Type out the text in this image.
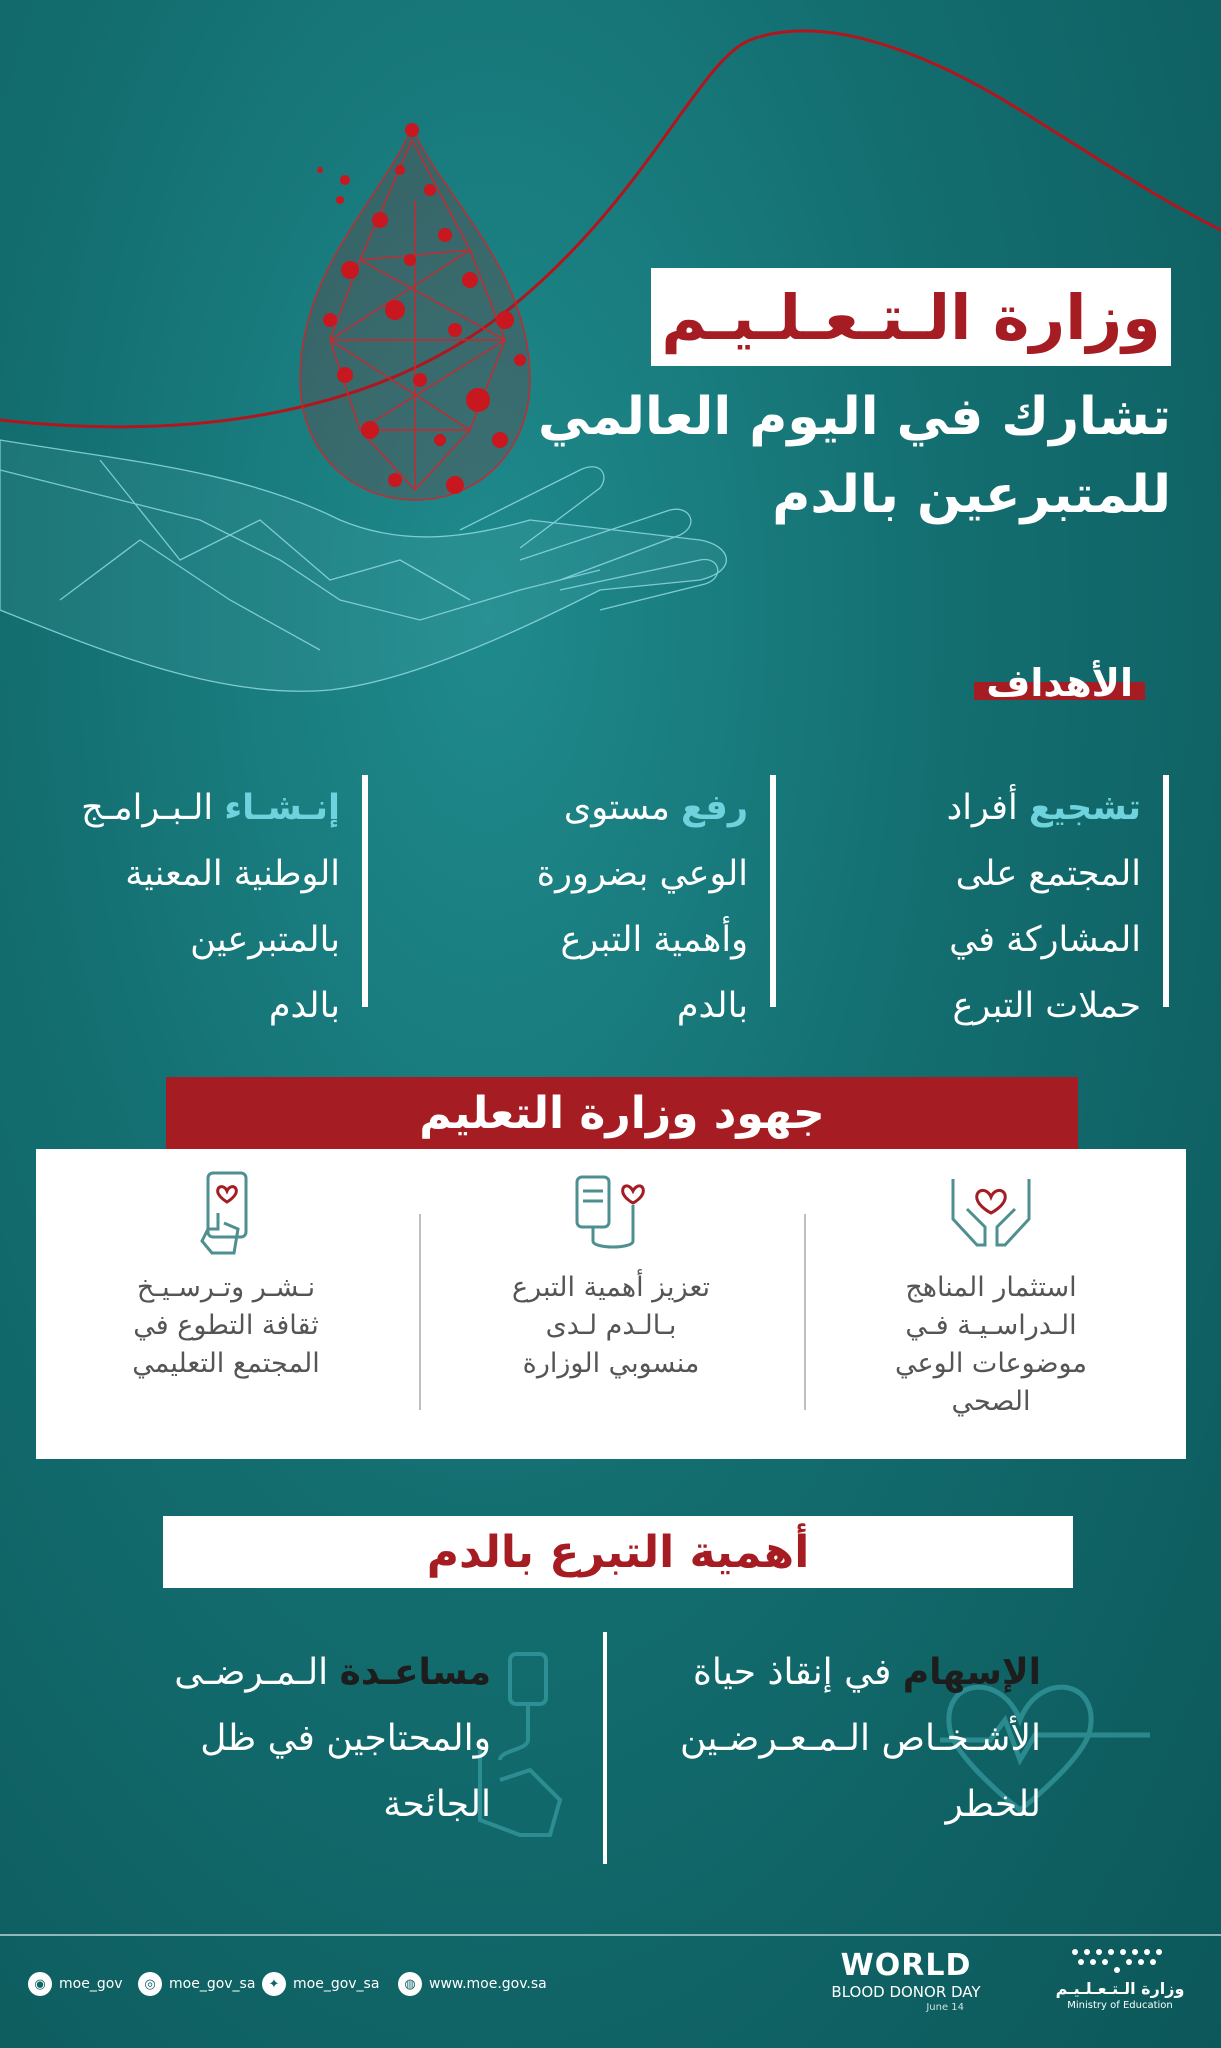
وزارة الـتـعـلـيـم
تشارك في اليوم العالمي
للمتبرعين بالدم
الأهداف
تشجيع أفراد
المجتمع على
المشاركة في
حملات التبرع
رفع مستوى
الوعي بضرورة
وأهمية التبرع
بالدم
إنـشـاء الـبـرامـج
الوطنية المعنية
بالمتبرعين
بالدم
جهود وزارة التعليم
استثمار المناهج
الـدراسـيـة فـي
موضوعات الوعي
الصحي
تعزيز أهمية التبرع
بـالـدم لـدى
منسوبي الوزارة
نـشـر وتـرسـيـخ
ثقافة التطوع في
المجتمع التعليمي
أهمية التبرع بالدم
الإسهام في إنقاذ حياة
الأشـخـاص الـمـعـرضـين
للخطر
مساعـدة الـمـرضـى
والمحتاجين في ظل
الجائحة
◉ moe_gov	◎ moe_gov_sa	✦ moe_gov_sa	◍ www.moe.gov.sa
WORLD
BLOOD DONOR DAY
June 14
وزارة الـتـعـلـيـم
Ministry of Education
